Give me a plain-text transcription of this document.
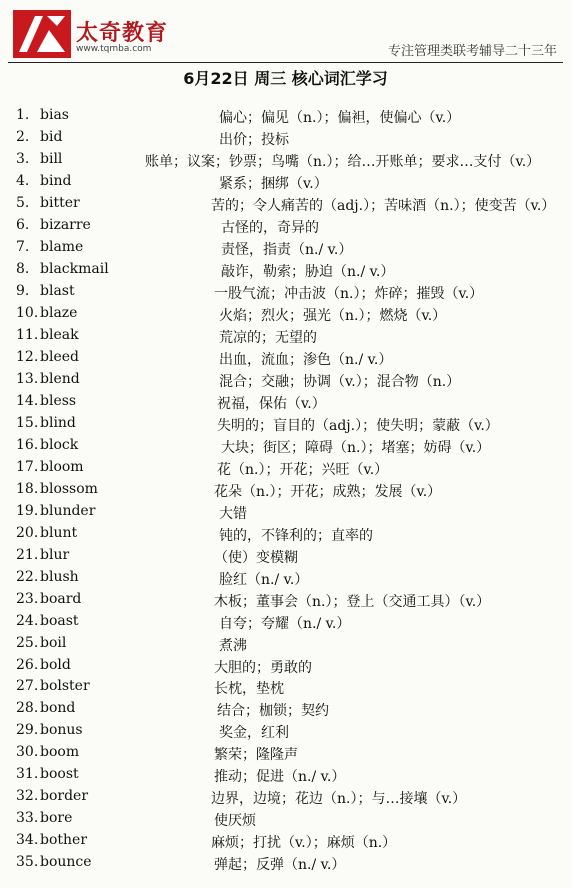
太奇教育
www.tqmba.com	专注管理类联考辅导二十三年
6月22日 周三 核心词汇学习
1. bias	偏心；偏见（n.）；偏袒，使偏心（v.）
2. bid	出价；投标
3. bill	账单；议案；钞票；鸟嘴（n.）；给…开账单；要求…支付（v.）
4. bind	紧系；捆绑（v.）
5. bitter	苦的；令人痛苦的（adj.）；苦味酒（n.）；使变苦（v.）
6. bizarre	古怪的，奇异的
7. blame	责怪，指责（n./ v.）
8. blackmail	敲诈，勒索；胁迫（n./ v.）
9. blast	一股气流；冲击波（n.）；炸碎；摧毁（v.）
10. blaze	火焰；烈火；强光（n.）；燃烧（v.）
11. bleak	荒凉的；无望的
12. bleed	出血，流血；渗色（n./ v.）
13. blend	混合；交融；协调（v.）；混合物（n.）
14. bless	祝福，保佑（v.）
15. blind	失明的；盲目的（adj.）；使失明；蒙蔽（v.）
16. block	大块；街区；障碍（n.）；堵塞；妨碍（v.）
17. bloom	花（n.）；开花；兴旺（v.）
18. blossom	花朵（n.）；开花；成熟；发展（v.）
19. blunder	大错
20. blunt	钝的，不锋利的；直率的
21. blur	（使）变模糊
22. blush	脸红（n./ v.）
23. board	木板；董事会（n.）；登上（交通工具）（v.）
24. boast	自夸；夸耀（n./ v.）
25. boil	煮沸
26. bold	大胆的；勇敢的
27. bolster	长枕，垫枕
28. bond	结合；枷锁；契约
29. bonus	奖金，红利
30. boom	繁荣；隆隆声
31. boost	推动；促进（n./ v.）
32. border	边界，边境；花边（n.）；与…接壤（v.）
33. bore	使厌烦
34. bother	麻烦；打扰（v.）；麻烦（n.）
35. bounce	弹起；反弹（n./ v.）
